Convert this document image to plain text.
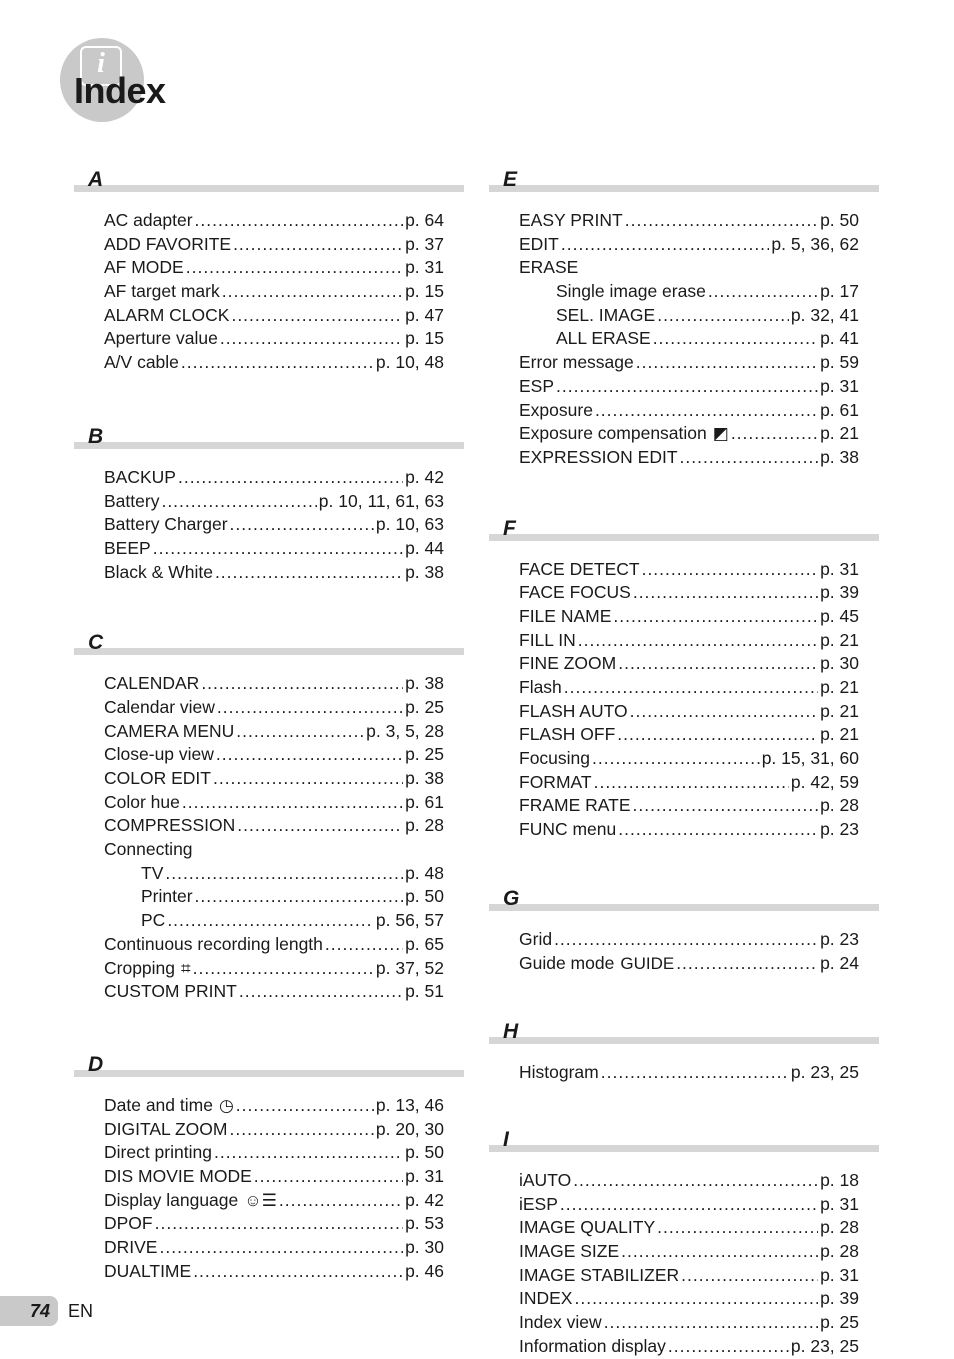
i
Index
A
AC adapter .....	p. 64
ADD FAVORITE .....	p. 37
AF MODE .....	p. 31
AF target mark .....	p. 15
ALARM CLOCK .....	p. 47
Aperture value .....	p. 15
A/V cable .....	p. 10, 48
B
BACKUP .....	p. 42
Battery .....	p. 10, 11, 61, 63
Battery Charger .....	p. 10, 63
BEEP .....	p. 44
Black & White .....	p. 38
C
CALENDAR .....	p. 38
Calendar view .....	p. 25
CAMERA MENU .....	p. 3, 5, 28
Close-up view .....	p. 25
COLOR EDIT .....	p. 38
Color hue .....	p. 61
COMPRESSION .....	p. 28
Connecting
TV .....	p. 48
Printer .....	p. 50
PC .....	p. 56, 57
Continuous recording length .....	p. 65
Cropping ⌗ .....	p. 37, 52
CUSTOM PRINT .....	p. 51
D
Date and time ◷ .....	p. 13, 46
DIGITAL ZOOM .....	p. 20, 30
Direct printing .....	p. 50
DIS MOVIE MODE .....	p. 31
Display language ☺☰ .....	p. 42
DPOF .....	p. 53
DRIVE .....	p. 30
DUALTIME .....	p. 46
E
EASY PRINT .....	p. 50
EDIT .....	p. 5, 36, 62
ERASE
Single image erase .....	p. 17
SEL. IMAGE .....	p. 32, 41
ALL ERASE .....	p. 41
Error message .....	p. 59
ESP .....	p. 31
Exposure .....	p. 61
Exposure compensation ◩ .....	p. 21
EXPRESSION EDIT .....	p. 38
F
FACE DETECT .....	p. 31
FACE FOCUS .....	p. 39
FILE NAME .....	p. 45
FILL IN .....	p. 21
FINE ZOOM .....	p. 30
Flash .....	p. 21
FLASH AUTO .....	p. 21
FLASH OFF .....	p. 21
Focusing .....	p. 15, 31, 60
FORMAT .....	p. 42, 59
FRAME RATE .....	p. 28
FUNC menu .....	p. 23
G
Grid .....	p. 23
Guide mode GUIDE .....	p. 24
H
Histogram .....	p. 23, 25
I
iAUTO .....	p. 18
iESP .....	p. 31
IMAGE QUALITY .....	p. 28
IMAGE SIZE .....	p. 28
IMAGE STABILIZER .....	p. 31
INDEX .....	p. 39
Index view .....	p. 25
Information display .....	p. 23, 25
74	EN
